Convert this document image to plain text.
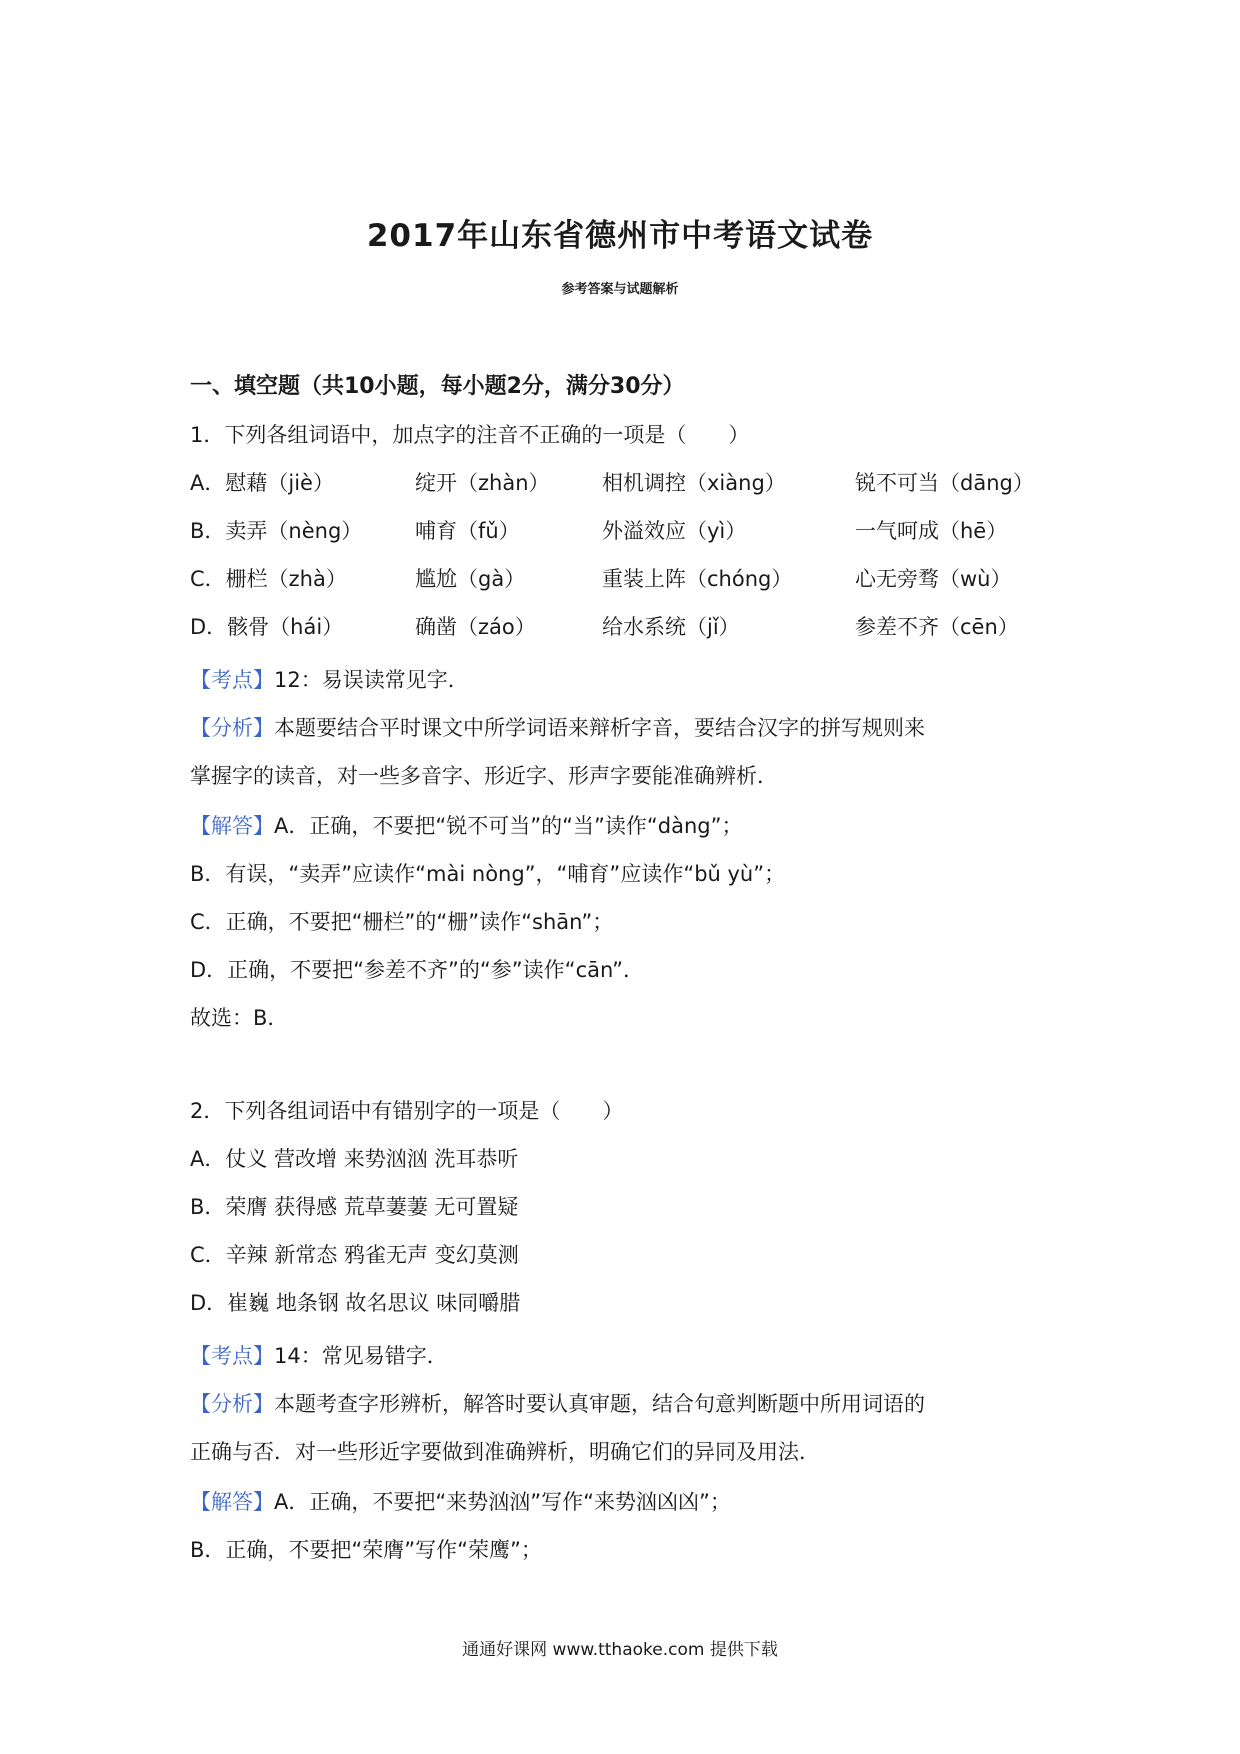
2017年山东省德州市中考语文试卷
参考答案与试题解析
一、填空题（共10小题，每小题2分，满分30分）
1．下列各组词语中，加点字的注音不正确的一项是（　　）
A．慰藉（jiè）	绽开（zhàn） 相机调控（xiàng）	锐不可当（dāng）
B．卖弄（nèng）	哺育（fǔ）	外溢效应（yì）	一气呵成（hē）
C．栅栏（zhà）	尴尬（gà）	重装上阵（chóng）	心无旁骛（wù）
D．骸骨（hái）	确凿（záo）	给水系统（jǐ）	参差不齐（cēn）
【考点】12：易误读常见字．
【分析】本题要结合平时课文中所学词语来辩析字音，要结合汉字的拼写规则来
掌握字的读音，对一些多音字、形近字、形声字要能准确辨析．
【解答】A．正确，不要把“锐不可当”的“当”读作“dàng”；
B．有误，“卖弄”应读作“mài nòng”，“哺育”应读作“bǔ yù”；
C．正确，不要把“栅栏”的“栅”读作“shān”；
D．正确，不要把“参差不齐”的“参”读作“cān”．
故选：B．
2．下列各组词语中有错别字的一项是（　　）
A．仗义 营改增 来势汹汹 洗耳恭听
B．荣膺 获得感 荒草萋萋 无可置疑
C．辛辣 新常态 鸦雀无声 变幻莫测
D．崔巍 地条钢 故名思议 味同嚼腊
【考点】14：常见易错字．
【分析】本题考查字形辨析，解答时要认真审题，结合句意判断题中所用词语的
正确与否．对一些形近字要做到准确辨析，明确它们的异同及用法．
【解答】A．正确，不要把“来势汹汹”写作“来势汹凶凶”；
B．正确，不要把“荣膺”写作“荣鹰”；
通通好课网 www.tthaoke.com 提供下载
